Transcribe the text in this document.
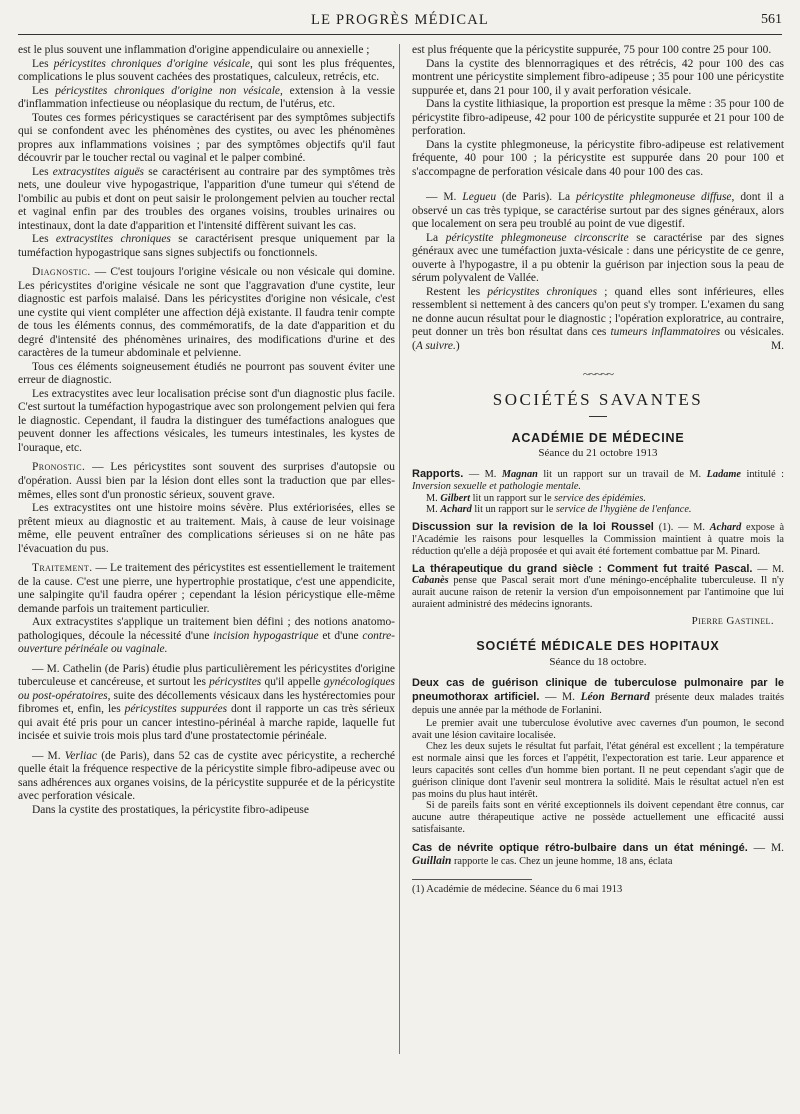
LE PROGRÈS MÉDICAL	561

est le plus souvent une inflammation d'origine appendiculaire ou annexielle ;

Les péricystites chroniques d'origine vésicale, qui sont les plus fréquentes, complications le plus souvent cachées des prostatiques, calculeux, retrécis, etc.

Les péricystites chroniques d'origine non vésicale, extension à la vessie d'inflammation infectieuse ou néoplasique du rectum, de l'utérus, etc.

Toutes ces formes péricystiques se caractérisent par des symptômes subjectifs qui se confondent avec les phénomènes des cystites, ou avec les phénomènes propres aux inflammations voisines ; par des symptômes objectifs qu'il faut découvrir par le toucher rectal ou vaginal et le palper combiné.

Les extracystites aiguës se caractérisent au contraire par des symptômes très nets, une douleur vive hypogastrique, l'apparition d'une tumeur qui s'étend de l'ombilic au pubis et dont on peut saisir le prolongement pelvien au toucher rectal et vaginal enfin par des troubles des organes voisins, troubles urinaires ou intestinaux, dont la date d'apparition et l'intensité diffèrent suivant les cas.

Les extracystites chroniques se caractérisent presque uniquement par la tuméfaction hypogastrique sans signes subjectifs ou fonctionnels.

Diagnostic. — C'est toujours l'origine vésicale ou non vésicale qui domine. Les péricystites d'origine vésicale ne sont que l'aggravation d'une cystite, leur diagnostic est parfois malaisé. Dans les péricystites d'origine non vésicale, c'est une cystite qui vient compléter une affection déjà existante. Il faudra tenir compte de tous les éléments connus, des commémoratifs, de la date d'apparition et du degré d'intensité des phénomènes urinaires, des modifications d'urine et des caractères de la tumeur abdominale et pelvienne.

Tous ces éléments soigneusement étudiés ne pourront pas souvent éviter une erreur de diagnostic.

Les extracystites avec leur localisation précise sont d'un diagnostic plus facile. C'est surtout la tuméfaction hypogastrique avec son prolongement pelvien qui fera le diagnostic. Cependant, il faudra la distinguer des tuméfactions analogues que peuvent donner les affections vésicales, les tumeurs intestinales, les kystes de l'ouraque, etc.

Pronostic. — Les péricystites sont souvent des surprises d'autopsie ou d'opération. Aussi bien par la lésion dont elles sont la traduction que par elles-mêmes, elles sont d'un pronostic sérieux, souvent grave.

Les extracystites ont une histoire moins sévère. Plus extériorisées, elles se prêtent mieux au diagnostic et au traitement. Mais, à cause de leur voisinage même, elle peuvent entraîner des complications sérieuses si on ne hâte pas l'évacuation du pus.

Traitement. — Le traitement des péricystites est essentiellement le traitement de la cause. C'est une pierre, une hypertrophie prostatique, c'est une appendicite, une salpingite qu'il faudra opérer ; cependant la lésion péricystique elle-même demande parfois un traitement particulier.

Aux extracystites s'applique un traitement bien défini ; des notions anatomo-pathologiques, découle la nécessité d'une incision hypogastrique et d'une contre-ouverture périnéale ou vaginale.

— M. Cathelin (de Paris) étudie plus particulièrement les péricystites d'origine tuberculeuse et cancéreuse, et surtout les péricystites qu'il appelle gynécologiques ou post-opératoires, suite des décollements vésicaux dans les hystérectomies pour fibromes et, enfin, les péricystites suppurées dont il rapporte un cas très sérieux qui avait été pris pour un cancer intestino-périnéal à marche rapide, laquelle fut incisée et suivie trois mois plus tard d'une prostatectomie périnéale.

— M. Verliac (de Paris), dans 52 cas de cystite avec péricystite, a recherché quelle était la fréquence respective de la péricystite simple fibro-adipeuse avec ou sans adhérences aux organes voisins, de la péricystite suppurée et de la péricystite avec perforation vésicale.

Dans la cystite des prostatiques, la péricystite fibro-adipeuse

est plus fréquente que la péricystite suppurée, 75 pour 100 contre 25 pour 100.

Dans la cystite des blennorragiques et des rétrécis, 42 pour 100 des cas montrent une péricystite simplement fibro-adipeuse ; 35 pour 100 une péricystite suppurée et, dans 21 pour 100, il y avait perforation vésicale.

Dans la cystite lithiasique, la proportion est presque la même : 35 pour 100 de péricystite fibro-adipeuse, 42 pour 100 de péricystite suppurée et 21 pour 100 de perforation.

Dans la cystite phlegmoneuse, la péricystite fibro-adipeuse est relativement fréquente, 40 pour 100 ; la péricystite est suppurée dans 20 pour 100 et s'accompagne de perforation vésicale dans 40 pour 100 des cas.

— M. Legueu (de Paris). La péricystite phlegmoneuse diffuse, dont il a observé un cas très typique, se caractérise surtout par des signes généraux, alors que localement on sera peu troublé au point de vue digestif.

La péricystite phlegmoneuse circonscrite se caractérise par des signes généraux avec une tuméfaction juxta-vésicale : dans une péricystite de ce genre, ouverte à l'hypogastre, il a pu obtenir la guérison par injection sous la peau de sérum polyvalent de Vallée.

Restent les péricystites chroniques ; quand elles sont inférieures, elles ressemblent si nettement à des cancers qu'on peut s'y tromper. L'examen du sang ne donne aucun résultat pour le diagnostic ; l'opération exploratrice, au contraire, peut donner un très bon résultat dans ces tumeurs inflammatoires ou vésicales. (A suivre.)	M.

~~~~~
SOCIÉTÉS SAVANTES
ACADÉMIE DE MÉDECINE
Séance du 21 octobre 1913

Rapports. — M. Magnan lit un rapport sur un travail de M. Ladame intitulé : Inversion sexuelle et pathologie mentale.

M. Gilbert lit un rapport sur le service des épidémies.

M. Achard lit un rapport sur le service de l'hygiène de l'enfance.

Discussion sur la revision de la loi Roussel (1). — M. Achard expose à l'Académie les raisons pour lesquelles la Commission maintient à quatre mois la réduction qu'elle a déjà proposée et qui avait été fortement combattue par M. Pinard.

La thérapeutique du grand siècle : Comment fut traité Pascal. — M. Cabanès pense que Pascal serait mort d'une méningo-encéphalite tuberculeuse. Il n'y aurait aucune raison de retenir la version d'un empoisonnement par l'antimoine que lui auraient administré des médecins ignorants.

Pierre Gastinel.
SOCIÉTÉ MÉDICALE DES HOPITAUX
Séance du 18 octobre.

Deux cas de guérison clinique de tuberculose pulmonaire par le pneumothorax artificiel. — M. Léon Bernard présente deux malades traités depuis une année par la méthode de Forlanini.

Le premier avait une tuberculose évolutive avec cavernes d'un poumon, le second avait une lésion cavitaire localisée.

Chez les deux sujets le résultat fut parfait, l'état général est excellent ; la température est normale ainsi que les forces et l'appétit, l'expectoration est tarie. Leur apparence et leurs capacités sont celles d'un homme bien portant. Il ne peut cependant s'agir que de guérison clinique dont l'avenir seul montrera la solidité. Mais le résultat actuel n'en est pas moins du plus haut intérêt.

Si de pareils faits sont en vérité exceptionnels ils doivent cependant être connus, car aucune autre thérapeutique active ne possède actuellement une efficacité aussi satisfaisante.

Cas de névrite optique rétro-bulbaire dans un état méningé. — M. Guillain rapporte le cas. Chez un jeune homme, 18 ans, éclata

(1) Académie de médecine. Séance du 6 mai 1913
